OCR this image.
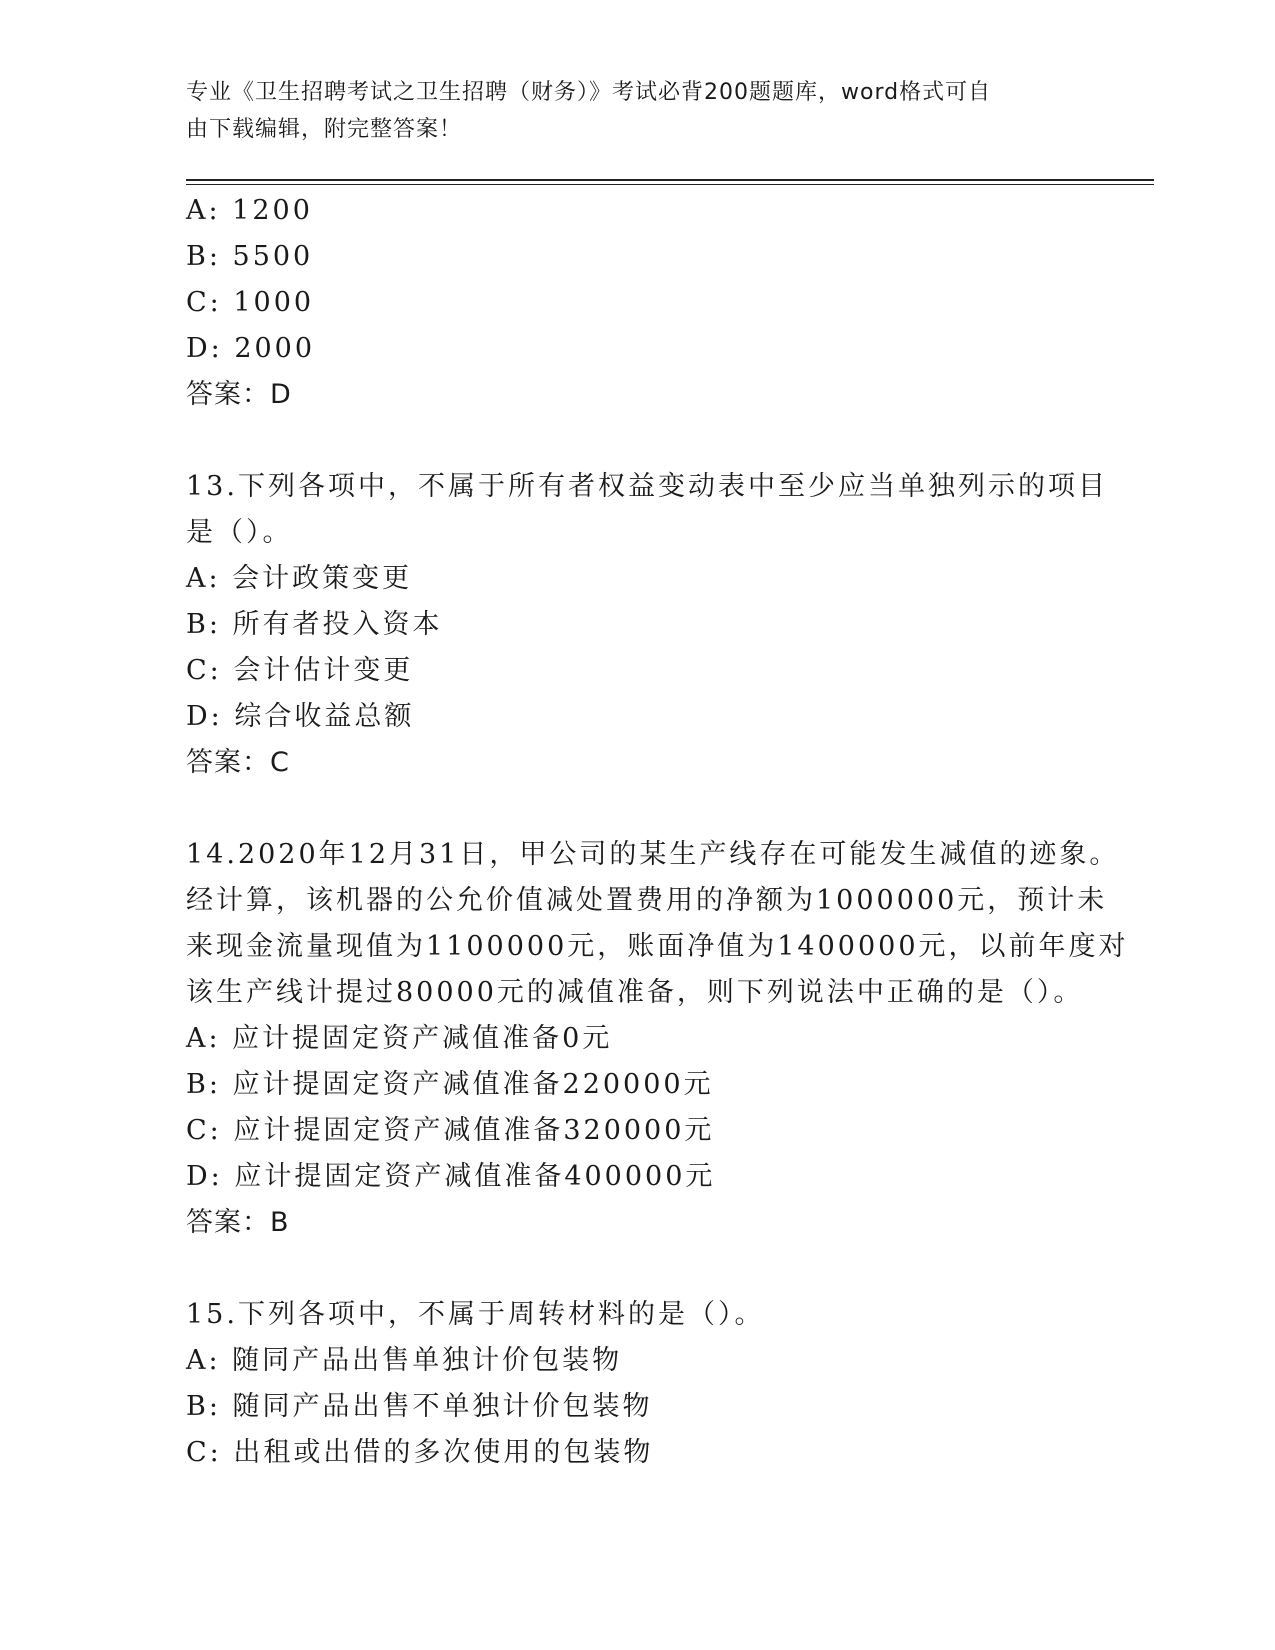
专业《卫生招聘考试之卫生招聘（财务）》考试必背200题题库，word格式可自
由下载编辑，附完整答案！
A: 1200
B: 5500
C: 1000
D: 2000
答案：D
13.下列各项中，不属于所有者权益变动表中至少应当单独列示的项目
是（）。
A: 会计政策变更
B: 所有者投入资本
C: 会计估计变更
D: 综合收益总额
答案：C
14.2020年12月31日，甲公司的某生产线存在可能发生减值的迹象。
经计算，该机器的公允价值减处置费用的净额为1000000元，预计未
来现金流量现值为1100000元，账面净值为1400000元，以前年度对
该生产线计提过80000元的减值准备，则下列说法中正确的是（）。
A: 应计提固定资产减值准备0元
B: 应计提固定资产减值准备220000元
C: 应计提固定资产减值准备320000元
D: 应计提固定资产减值准备400000元
答案：B
15.下列各项中，不属于周转材料的是（）。
A: 随同产品出售单独计价包装物
B: 随同产品出售不单独计价包装物
C: 出租或出借的多次使用的包装物
